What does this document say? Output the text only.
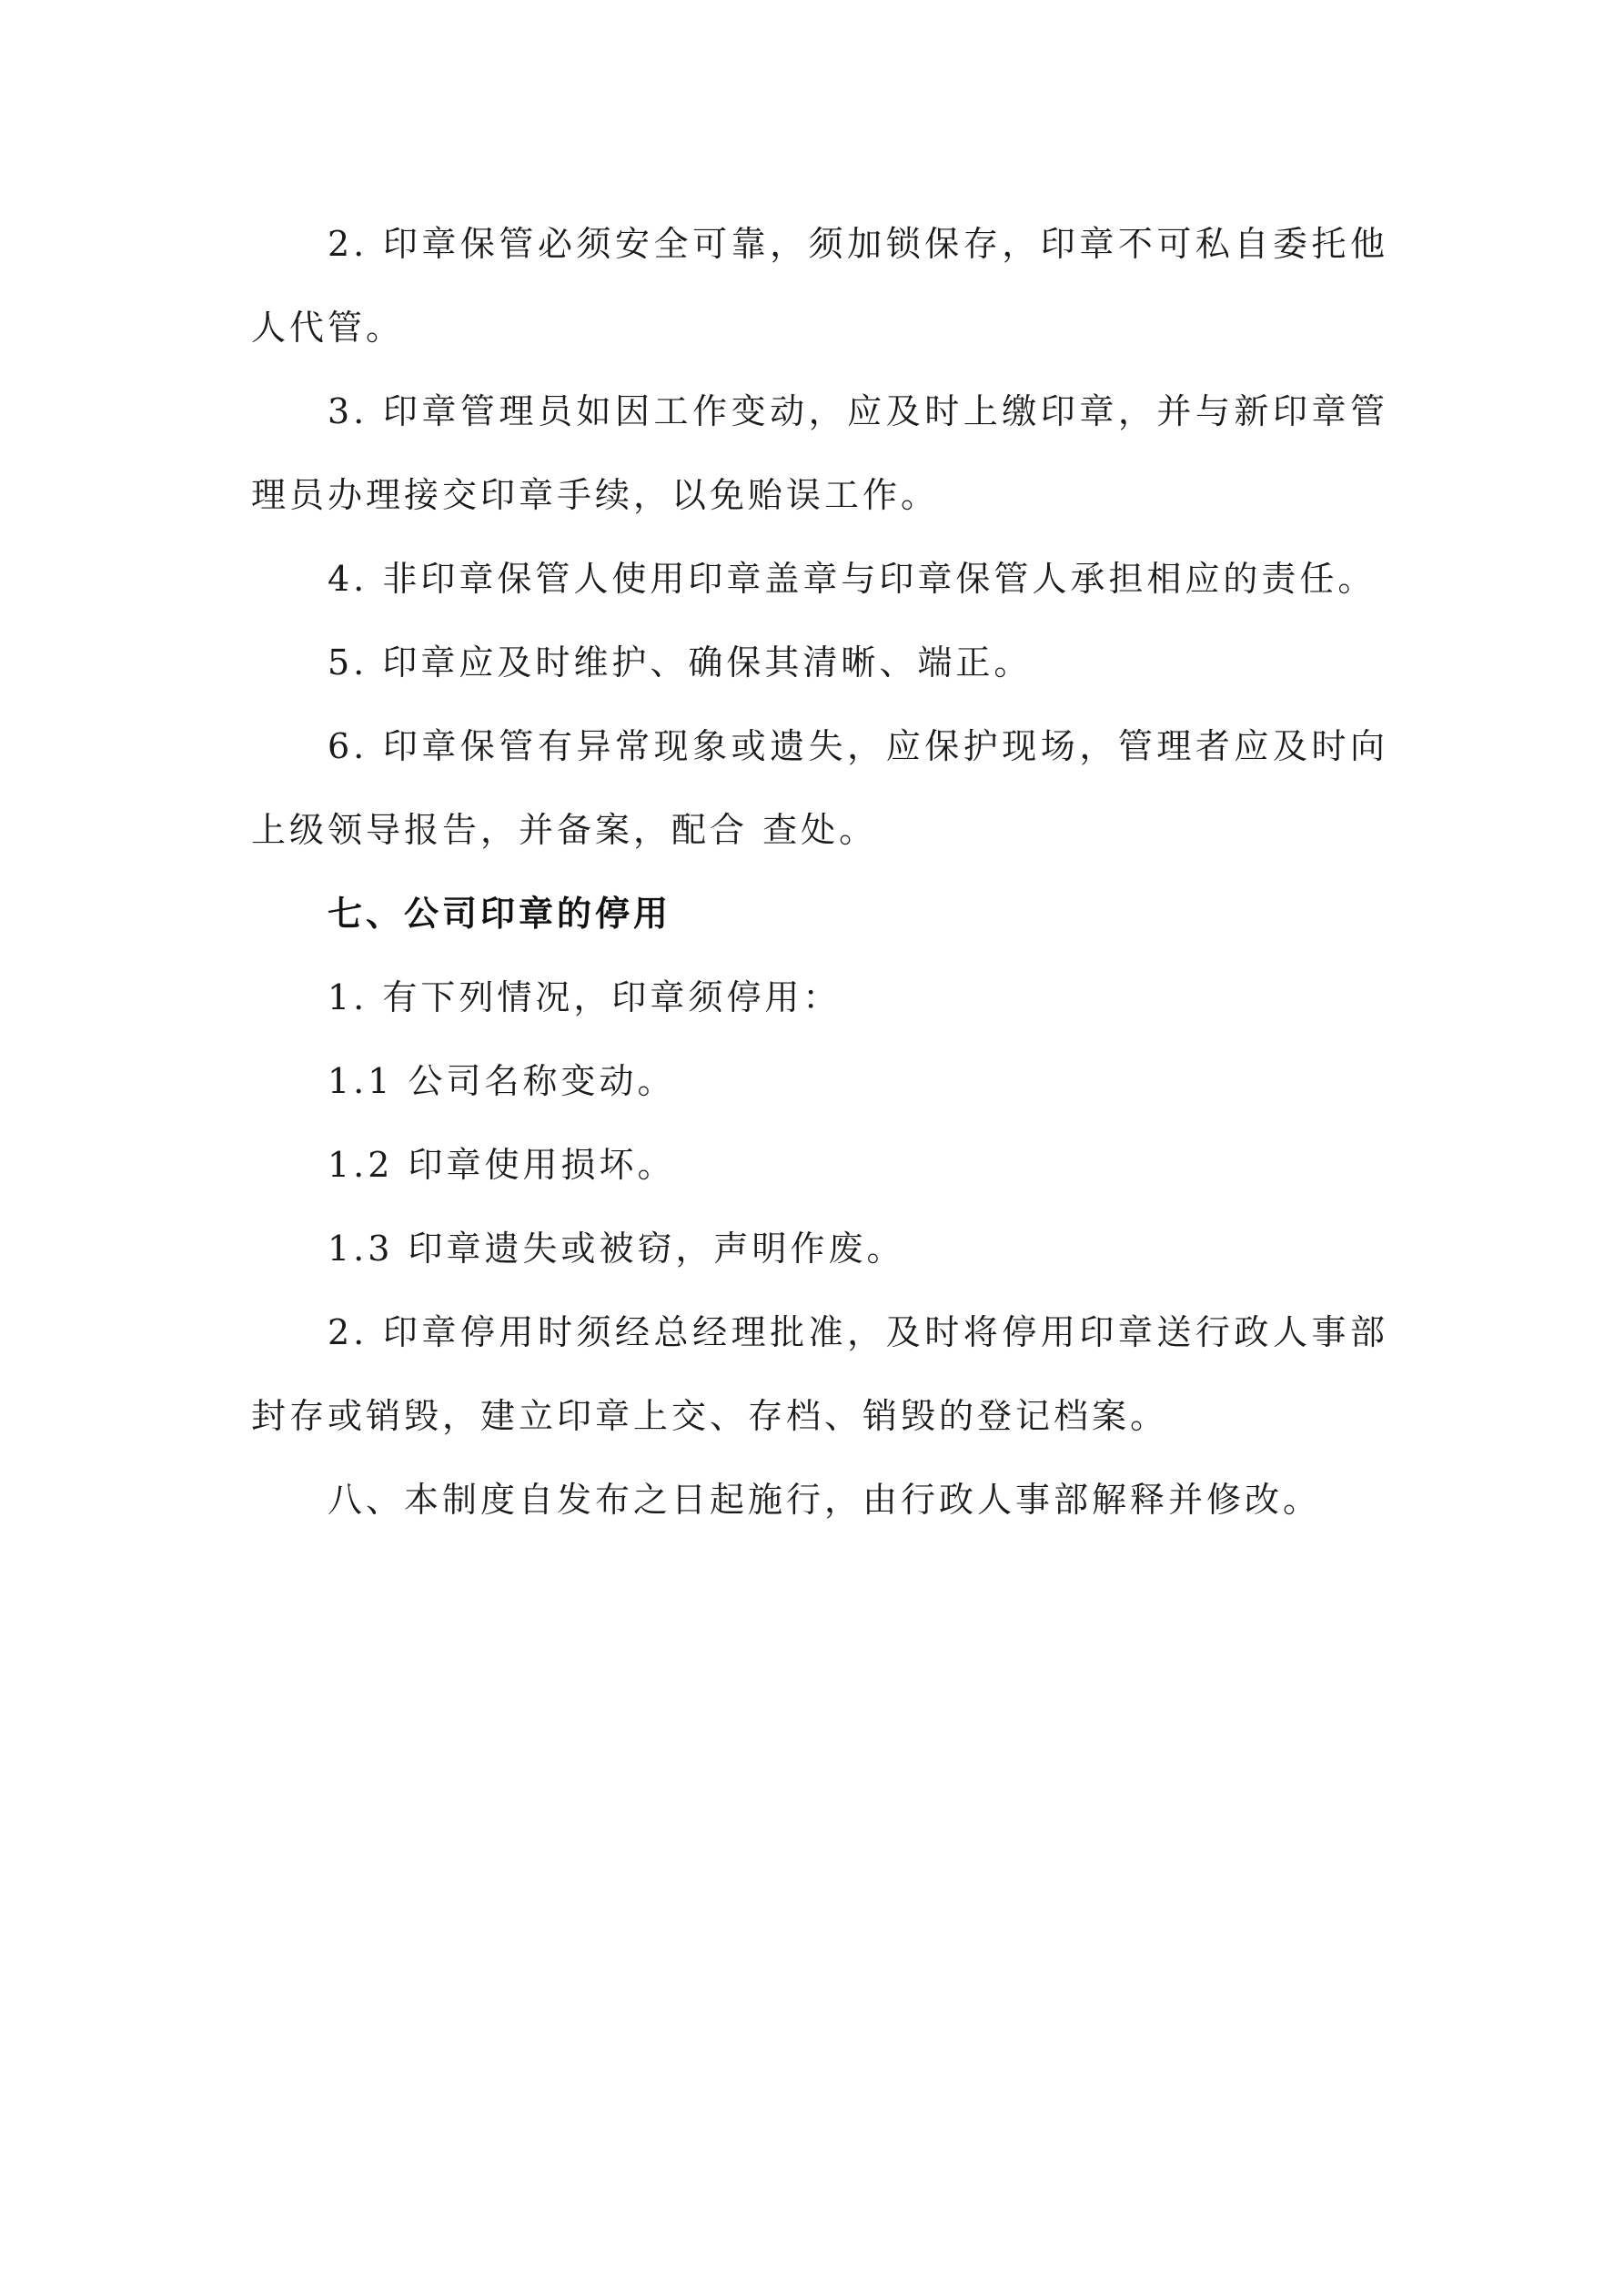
2. 印章保管必须安全可靠，须加锁保存，印章不可私自委托他人代管。

3. 印章管理员如因工作变动，应及时上缴印章，并与新印章管理员办理接交印章手续，以免贻误工作。

4. 非印章保管人使用印章盖章与印章保管人承担相应的责任。

5. 印章应及时维护、确保其清晰、端正。

6. 印章保管有异常现象或遗失，应保护现场，管理者应及时向上级领导报告，并备案，配合 查处。

七、公司印章的停用

1. 有下列情况，印章须停用：

1.1 公司名称变动。

1.2 印章使用损坏。

1.3 印章遗失或被窃，声明作废。

2. 印章停用时须经总经理批准，及时将停用印章送行政人事部封存或销毁，建立印章上交、存档、销毁的登记档案。

八、本制度自发布之日起施行，由行政人事部解释并修改。
